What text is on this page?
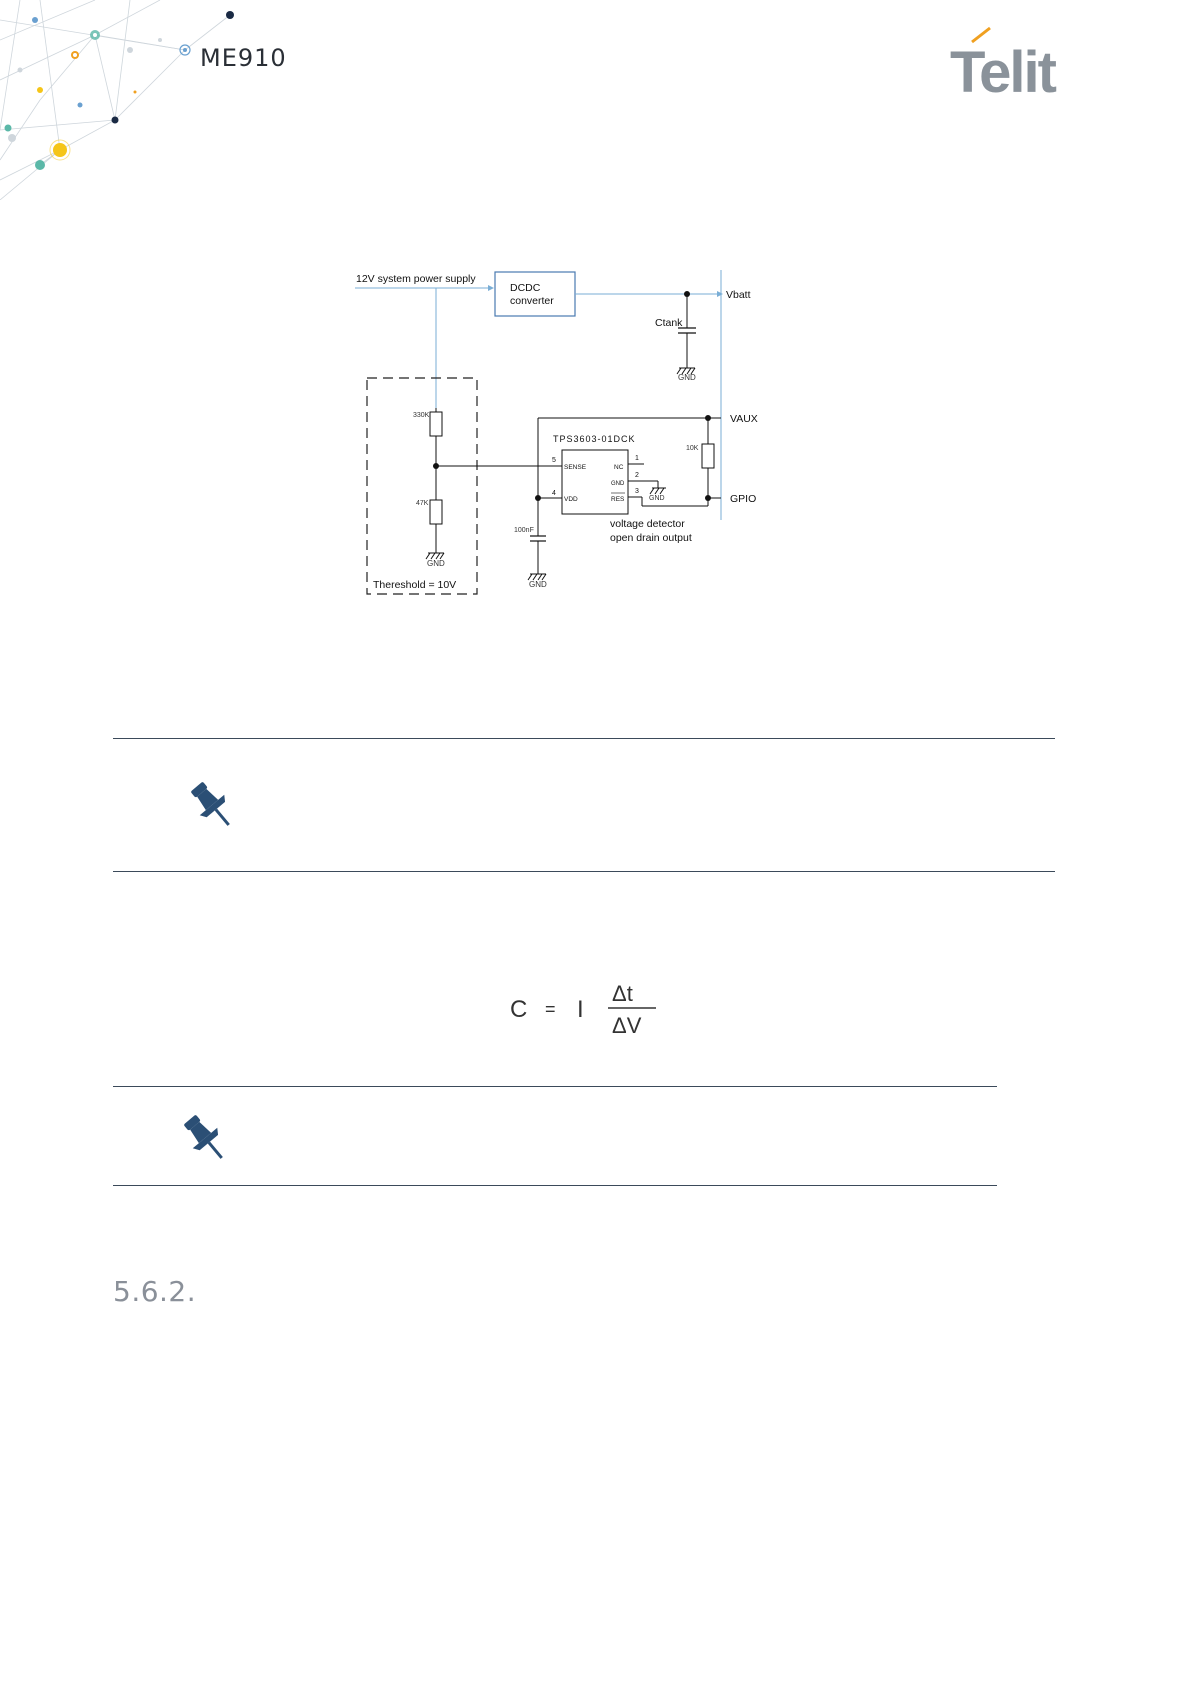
ME910	Telit
12V system power supply
DCDC
converter	Vbatt
Ctank
GND
Thereshold = 10V
330K
47K
GND
VAUX
100nF
GND
TPS3603-01DCK
SENSE
VDD
NC
GND
RES
5
4
1
2
3
GND
10K
GPIO
voltage detector
open drain output
C = I
Δt
ΔV
5.6.2.
